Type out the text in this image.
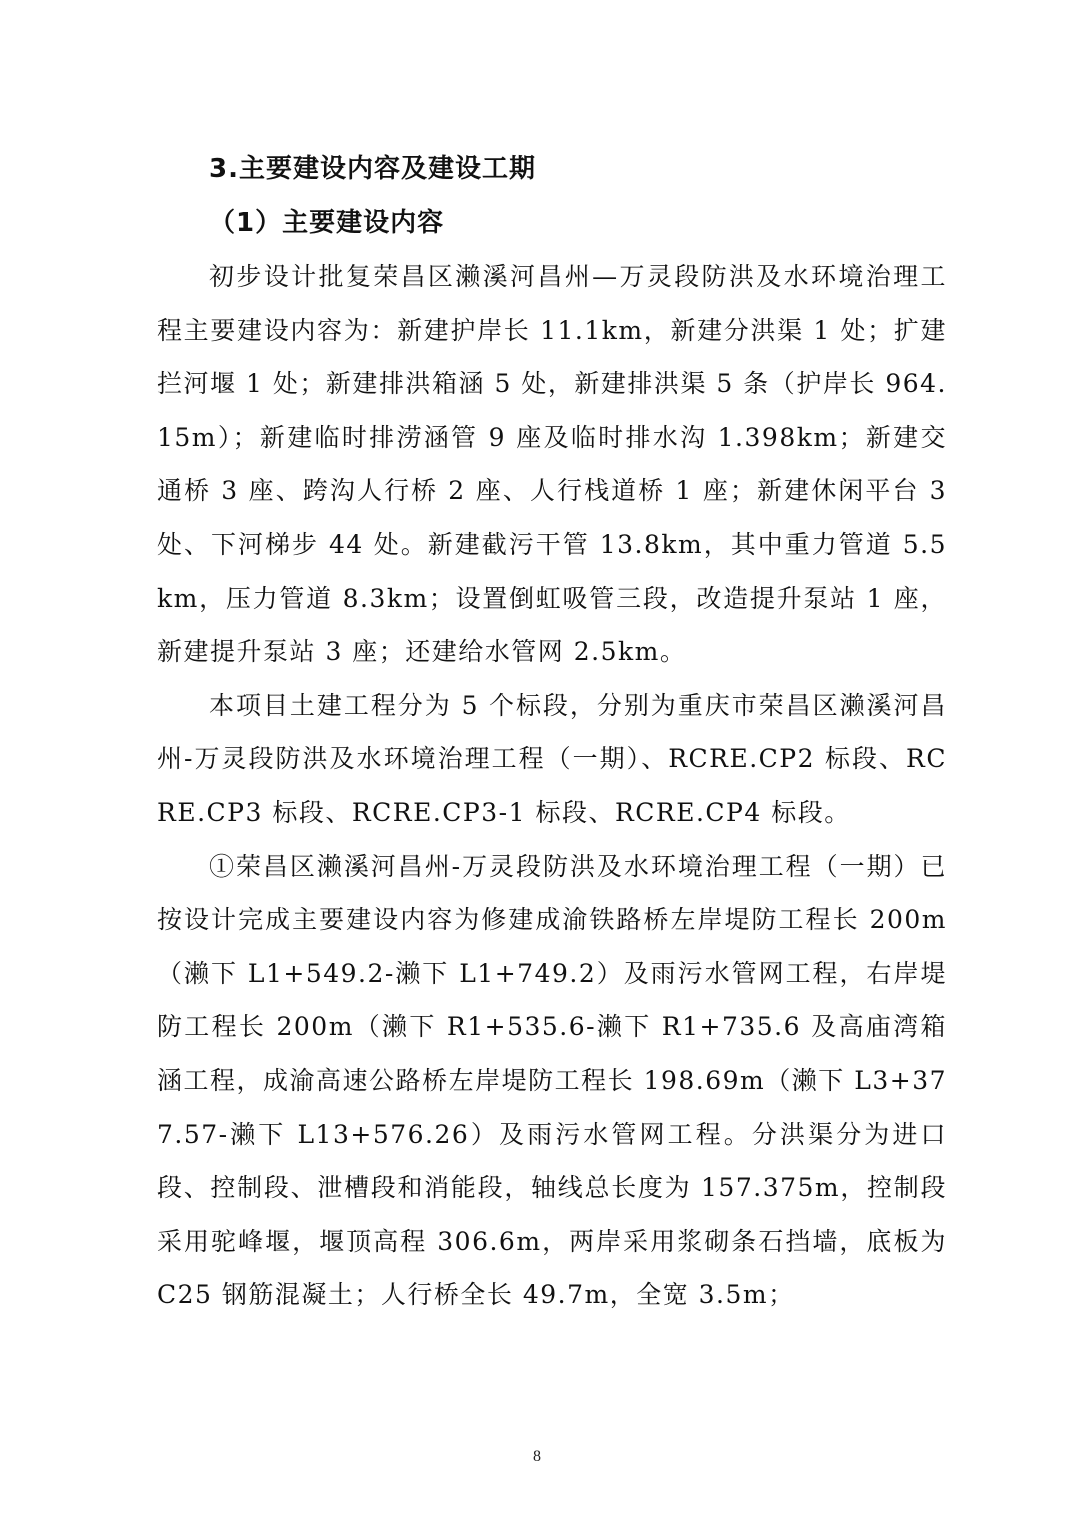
3.主要建设内容及建设工期

（1）主要建设内容

初步设计批复荣昌区濑溪河昌州—万灵段防洪及水环境治理工程主要建设内容为：新建护岸长 11.1km，新建分洪渠 1 处；扩建拦河堰 1 处；新建排洪箱涵 5 处，新建排洪渠 5 条（护岸长 964.15m）；新建临时排涝涵管 9 座及临时排水沟 1.398km；新建交通桥 3 座、跨沟人行桥 2 座、人行栈道桥 1 座；新建休闲平台 3 处、下河梯步 44 处。新建截污干管 13.8km，其中重力管道 5.5km，压力管道 8.3km；设置倒虹吸管三段，改造提升泵站 1 座，新建提升泵站 3 座；还建给水管网 2.5km。

本项目土建工程分为 5 个标段，分别为重庆市荣昌区濑溪河昌州-万灵段防洪及水环境治理工程（一期）、RCRE.CP2 标段、RCRE.CP3 标段、RCRE.CP3-1 标段、RCRE.CP4 标段。

①荣昌区濑溪河昌州-万灵段防洪及水环境治理工程（一期）已按设计完成主要建设内容为修建成渝铁路桥左岸堤防工程长 200m（濑下 L1+549.2-濑下 L1+749.2）及雨污水管网工程，右岸堤防工程长 200m（濑下 R1+535.6-濑下 R1+735.6 及高庙湾箱涵工程，成渝高速公路桥左岸堤防工程长 198.69m（濑下 L3+377.57-濑下 L13+576.26）及雨污水管网工程。分洪渠分为进口段、控制段、泄槽段和消能段，轴线总长度为 157.375m，控制段采用驼峰堰，堰顶高程 306.6m，两岸采用浆砌条石挡墙，底板为 C25 钢筋混凝土；人行桥全长 49.7m，全宽 3.5m；

8
